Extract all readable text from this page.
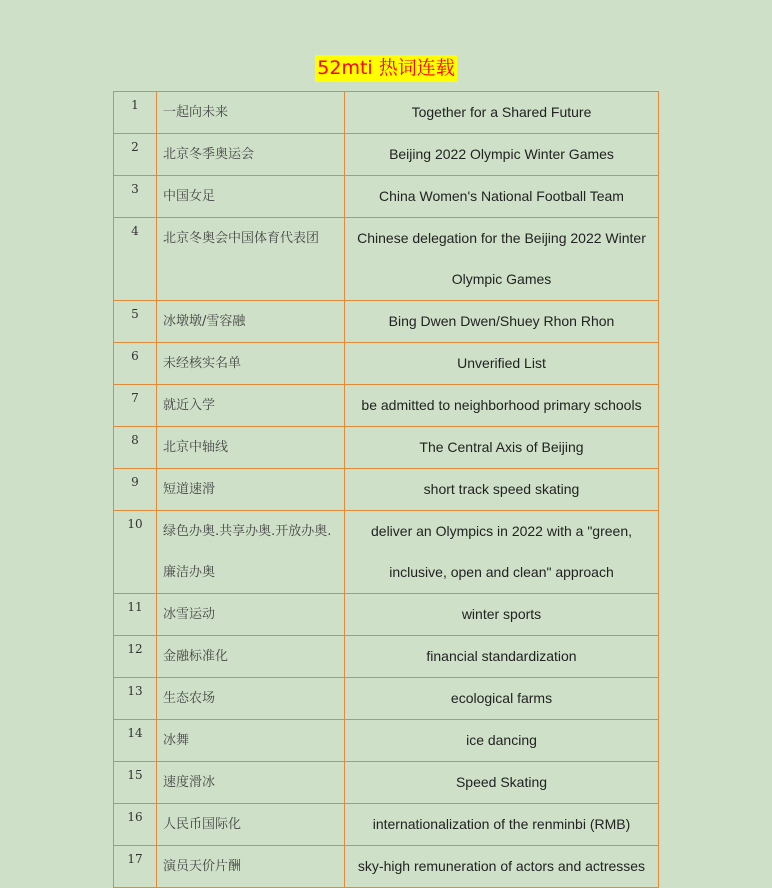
52mti 热词连载
1	一起向未来	Together for a Shared Future
2	北京冬季奥运会	Beijing 2022 Olympic Winter Games
3	中国女足	China Women's National Football Team
4	北京冬奥会中国体育代表团	Chinese delegation for the Beijing 2022 Winter Olympic Games
5	冰墩墩/雪容融	Bing Dwen Dwen/Shuey Rhon Rhon
6	未经核实名单	Unverified List
7	就近入学	be admitted to neighborhood primary schools
8	北京中轴线	The Central Axis of Beijing
9	短道速滑	short track speed skating
10	绿色办奥.共享办奥.开放办奥.廉洁办奥	deliver an Olympics in 2022 with a "green, inclusive, open and clean" approach
11	冰雪运动	winter sports
12	金融标准化	financial standardization
13	生态农场	ecological farms
14	冰舞	ice dancing
15	速度滑冰	Speed Skating
16	人民币国际化	internationalization of the renminbi (RMB)
17	演员天价片酬	sky-high remuneration of actors and actresses
